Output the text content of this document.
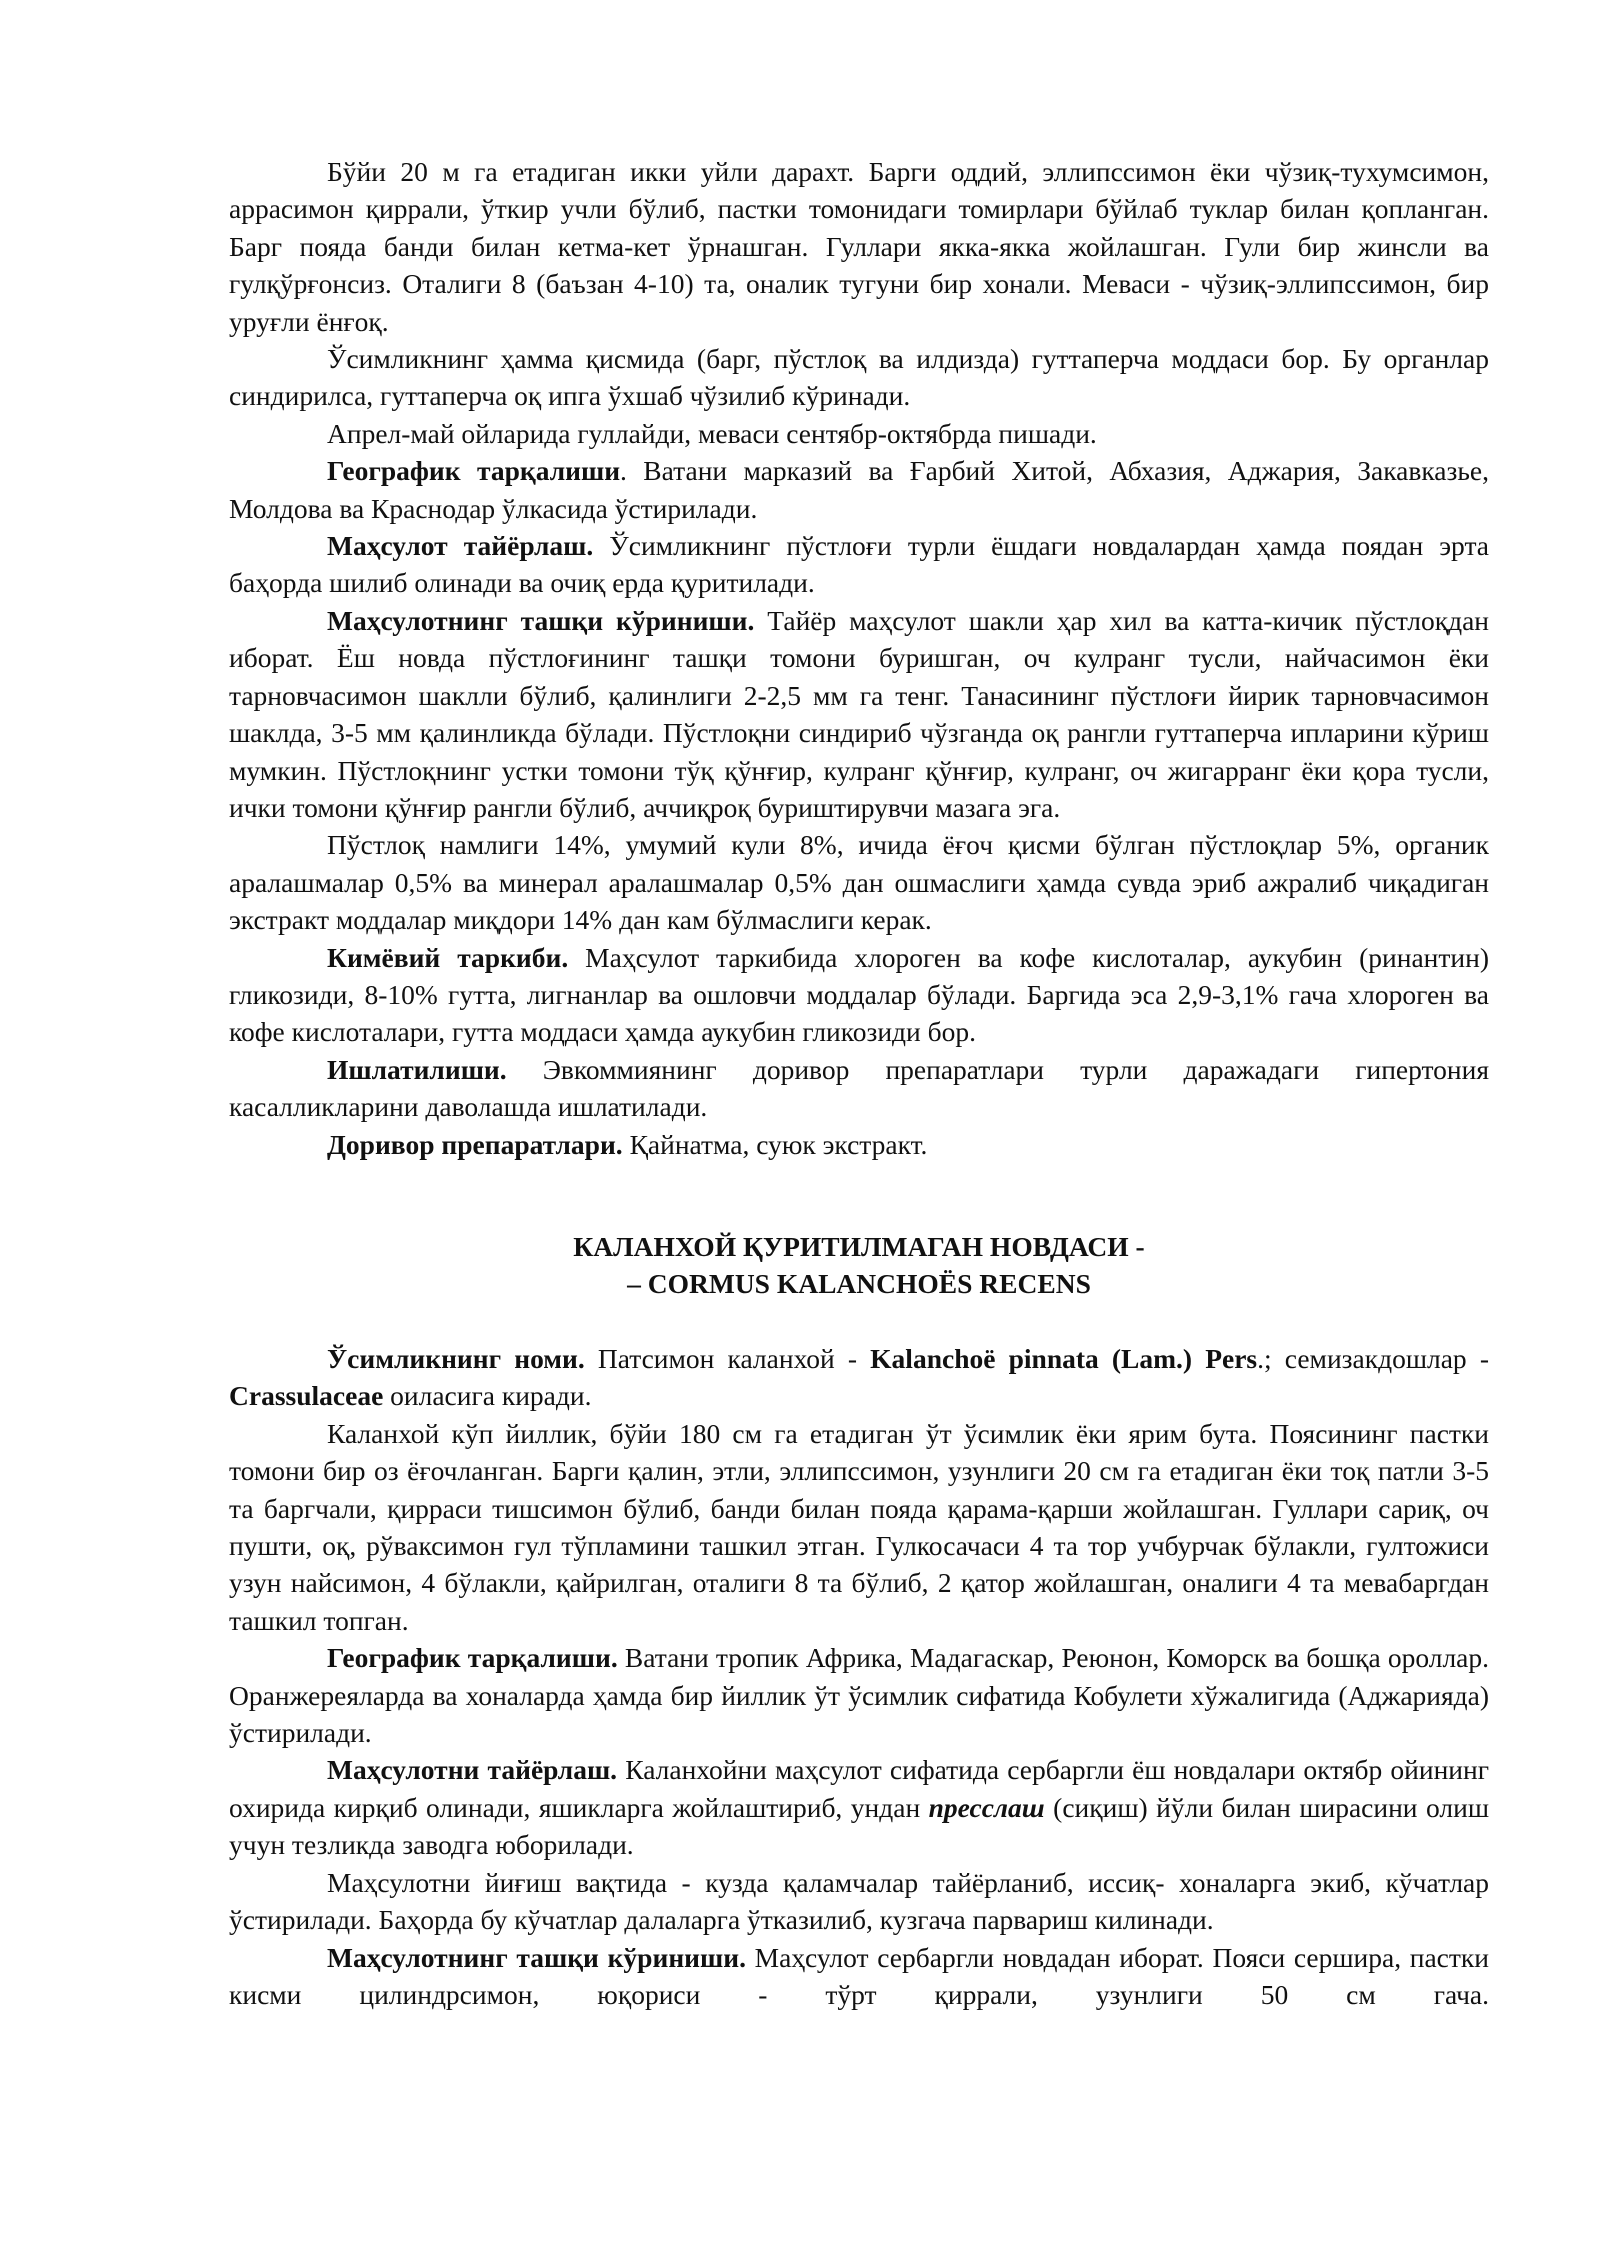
Бўйи 20 м га етадиган икки уйли дарахт. Барги оддий, эллипссимон ёки чўзиқ-тухумсимон, аррасимон қиррали, ўткир учли бўлиб, пастки томонидаги томирлари бўйлаб туклар билан қопланган. Барг пояда банди билан кетма-кет ўрнашган. Гуллари якка-якка жойлашган. Гули бир жинсли ва гулқўрғонсиз. Оталиги 8 (баъзан 4-10) та, оналик тугуни бир хонали. Меваси - чўзиқ-эллипссимон, бир уруғли ёнғоқ.

Ўсимликнинг ҳамма қисмида (барг, пўстлоқ ва илдизда) гуттаперча моддаси бор. Бу органлар синдирилса, гуттаперча оқ ипга ўхшаб чўзилиб кўринади.

Апрел-май ойларида гуллайди, меваси сентябр-октябрда пишади.

Географик тарқалиши. Ватани марказий ва Ғарбий Хитой, Абхазия, Аджария, Закавказье, Молдова ва Краснодар ўлкасида ўстирилади.

Маҳсулот тайёрлаш. Ўсимликнинг пўстлоғи турли ёшдаги новдалардан ҳамда поядан эрта баҳорда шилиб олинади ва очиқ ерда қуритилади.

Маҳсулотнинг ташқи кўриниши. Тайёр маҳсулот шакли ҳар хил ва катта-кичик пўстлоқдан иборат. Ёш новда пўстлоғининг ташқи томони буришган, оч кулранг тусли, найчасимон ёки тарновчасимон шаклли бўлиб, қалинлиги 2-2,5 мм га тенг. Танасининг пўстлоғи йирик тарновчасимон шаклда, 3-5 мм қалинликда бўлади. Пўстлоқни синдириб чўзганда оқ рангли гуттаперча ипларини кўриш мумкин. Пўстлоқнинг устки томони тўқ қўнғир, кулранг қўнғир, кулранг, оч жигарранг ёки қора тусли, ички томони қўнғир рангли бўлиб, аччиқроқ буриштирувчи мазага эга.

Пўстлоқ намлиги 14%, умумий кули 8%, ичида ёғоч қисми бўлган пўстлоқлар 5%, органик аралашмалар 0,5% ва минерал аралашмалар 0,5% дан ошмаслиги ҳамда сувда эриб ажралиб чиқадиган экстракт моддалар миқдори 14% дан кам бўлмаслиги керак.

Кимёвий таркиби. Маҳсулот таркибида хлороген ва кофе кислоталар, аукубин (ринантин) гликозиди, 8-10% гутта, лигнанлар ва ошловчи моддалар бўлади. Баргида эса 2,9-3,1% гача хлороген ва кофе кислоталари, гутта моддаси ҳамда аукубин гликозиди бор.

Ишлатилиши. Эвкоммиянинг доривор препаратлари турли даражадаги гипертония касалликларини даволашда ишлатилади.

Доривор препаратлари. Қайнатма, суюк экстракт.

КАЛАНХОЙ ҚУРИТИЛМАГАН НОВДАСИ -
– CORMUS KALANCHOЁS RECENS

Ўсимликнинг номи. Патсимон каланхой - Kalanchoё pinnata (Lam.) Pers.; семизакдошлар - Crassulaceae оиласига киради.

Каланхой кўп йиллик, бўйи 180 см га етадиган ўт ўсимлик ёки ярим бута. Поясининг пастки томони бир оз ёғочланган. Барги қалин, этли, эллипссимон, узунлиги 20 см га етадиган ёки тоқ патли 3-5 та баргчали, қирраси тишсимон бўлиб, банди билан пояда қарама-қарши жойлашган. Гуллари сариқ, оч пушти, оқ, рўваксимон гул тўпламини ташкил этган. Гулкосачаси 4 та тор учбурчак бўлакли, гултожиси узун найсимон, 4 бўлакли, қайрилган, оталиги 8 та бўлиб, 2 қатор жойлашган, оналиги 4 та мевабаргдан ташкил топган.

Географик тарқалиши. Ватани тропик Африка, Мадагаскар, Реюнон, Коморск ва бошқа ороллар. Оранжереяларда ва хоналарда ҳамда бир йиллик ўт ўсимлик сифатида Кобулети хўжалигида (Аджарияда) ўстирилади.

Маҳсулотни тайёрлаш. Каланхойни маҳсулот сифатида сербаргли ёш новдалари октябр ойининг охирида кирқиб олинади, яшикларга жойлаштириб, ундан пресслаш (сиқиш) йўли билан ширасини олиш учун тезликда заводга юборилади.

Маҳсулотни йиғиш вақтида - кузда қаламчалар тайёрланиб, иссиқ- хоналарга экиб, кўчатлар ўстирилади. Баҳорда бу кўчатлар далаларга ўтказилиб, кузгача парвариш килинади.

Маҳсулотнинг ташқи кўриниши. Маҳсулот сербаргли новдадан иборат. Пояси сершира, пастки кисми цилиндрсимон, юқориси - тўрт қиррали, узунлиги 50 см гача.
